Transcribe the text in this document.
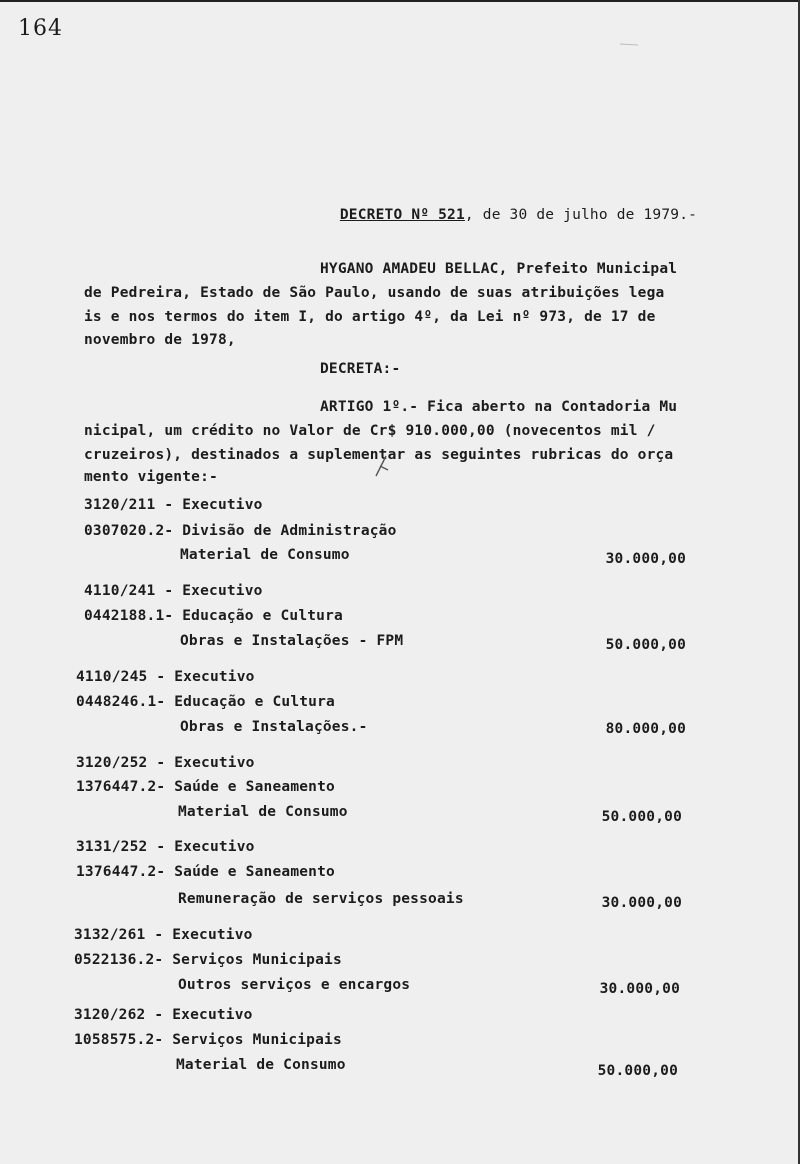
164

DECRETO Nº 521, de 30 de julho de 1979.-

HYGANO AMADEU BELLAC, Prefeito Municipal
de Pedreira, Estado de São Paulo, usando de suas atribuições lega
is e nos termos do item I, do artigo 4º, da Lei nº 973, de 17 de
novembro de 1978,
DECRETA:-
ARTIGO 1º.- Fica aberto na Contadoria Mu
nicipal, um crédito no Valor de Cr$ 910.000,00 (novecentos mil /
cruzeiros), destinados a suplementar as seguintes rubricas do orça
mento vigente:-
3120/211 - Executivo
0307020.2- Divisão de Administração
Material de Consumo	30.000,00
4110/241 - Executivo
0442188.1- Educação e Cultura
Obras e Instalações - FPM	50.000,00
4110/245 - Executivo
0448246.1- Educação e Cultura
Obras e Instalações.-	80.000,00
3120/252 - Executivo
1376447.2- Saúde e Saneamento
Material de Consumo	50.000,00
3131/252 - Executivo
1376447.2- Saúde e Saneamento
Remuneração de serviços pessoais	30.000,00
3132/261 - Executivo
0522136.2- Serviços Municipais
Outros serviços e encargos	30.000,00
3120/262 - Executivo
1058575.2- Serviços Municipais
Material de Consumo	50.000,00
